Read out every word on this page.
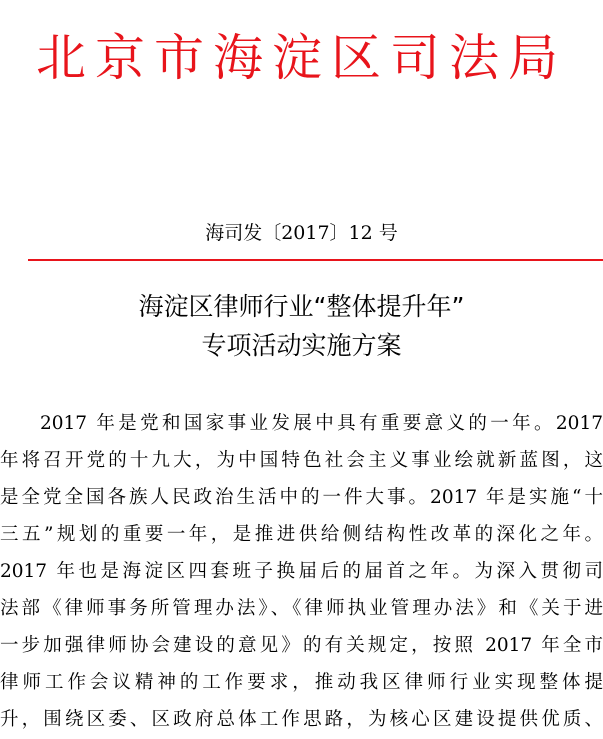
北京市海淀区司法局
海司发〔2017〕12 号
海淀区律师行业“整体提升年”
专项活动实施方案
2017 年是党和国家事业发展中具有重要意义的一年。2017
年将召开党的十九大，为中国特色社会主义事业绘就新蓝图，这
是全党全国各族人民政治生活中的一件大事。2017 年是实施“十
三五”规划的重要一年，是推进供给侧结构性改革的深化之年。
2017 年也是海淀区四套班子换届后的届首之年。为深入贯彻司
法部《律师事务所管理办法》、《律师执业管理办法》和《关于进
一步加强律师协会建设的意见》的有关规定，按照 2017 年全市
律师工作会议精神的工作要求，推动我区律师行业实现整体提
升，围绕区委、区政府总体工作思路，为核心区建设提供优质、
